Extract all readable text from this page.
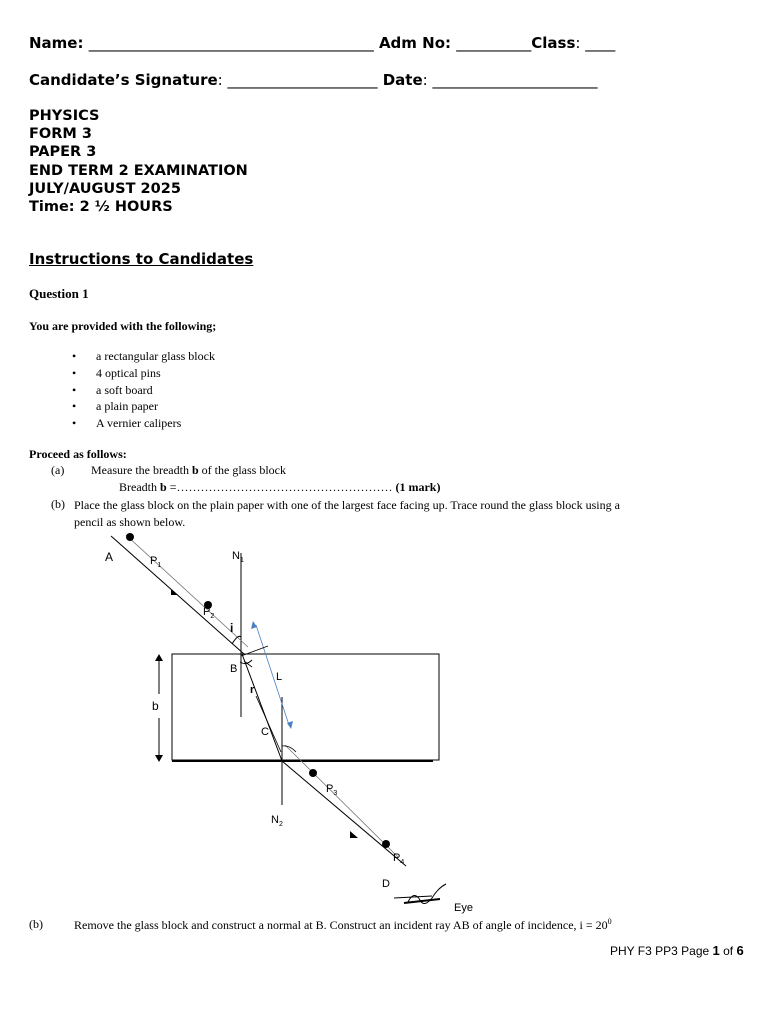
Name: ______________________________________ Adm No: __________Class: ____
Candidate’s Signature: ____________________ Date: ______________________
PHYSICS
FORM 3
PAPER 3
END TERM 2 EXAMINATION
JULY/AUGUST 2025
Time: 2 ½ HOURS
Instructions to Candidates
Question 1
You are provided with the following;
• a rectangular glass block
• 4 optical pins
• a soft board
• a plain paper
• A vernier calipers
Proceed as follows:
(a) Measure the breadth b of the glass block
Breadth b =……………………………………………… (1 mark)
(b) Place the glass block on the plain paper with one of the largest face facing up. Trace round the glass block using a
pencil as shown below.
A	$P_1$
$N_1$
$P_2$
i
B
r
L
b
C
$P_3$
$N_2$
$P_4$
D
Eye
(b)	Remove the glass block and construct a normal at B. Construct an incident ray AB of angle of incidence, $i = 20^0$
PHY F3 PP3 Page 1 of 6
